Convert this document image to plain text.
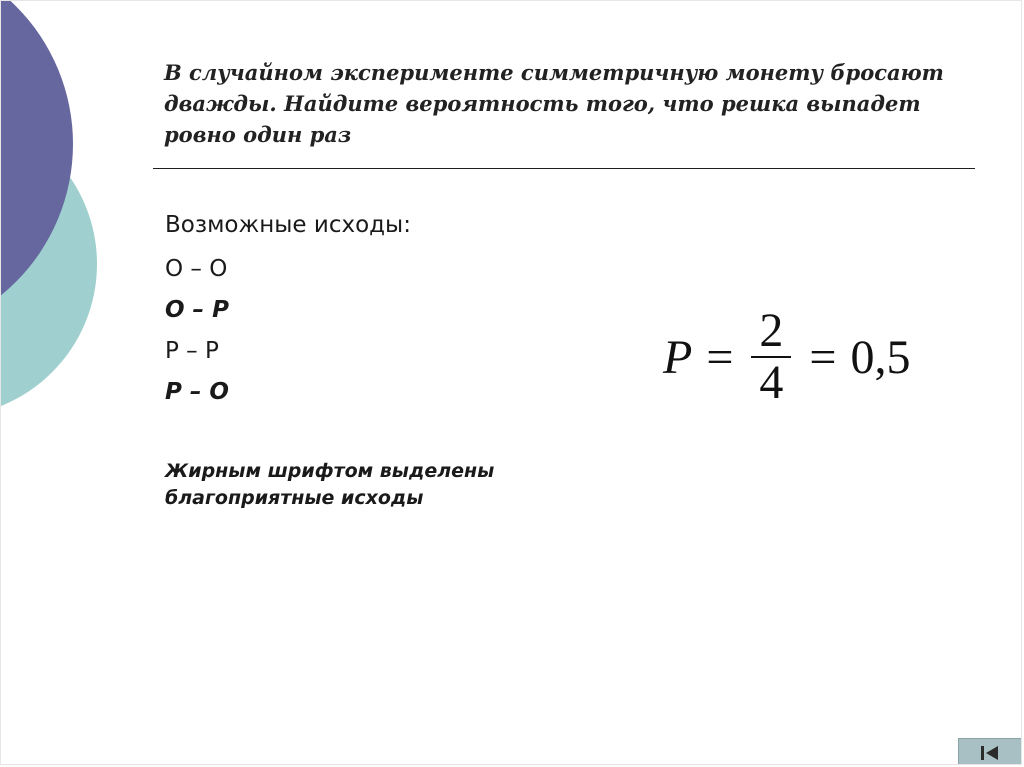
В случайном эксперименте симметричную монету бросают дважды. Найдите вероятность того, что решка выпадет ровно один раз
Возможные исходы:
О – О
О – Р
Р – Р
Р – О
$P = \frac{2}{4} = 0,5$
Жирным шрифтом выделены
благоприятные исходы
